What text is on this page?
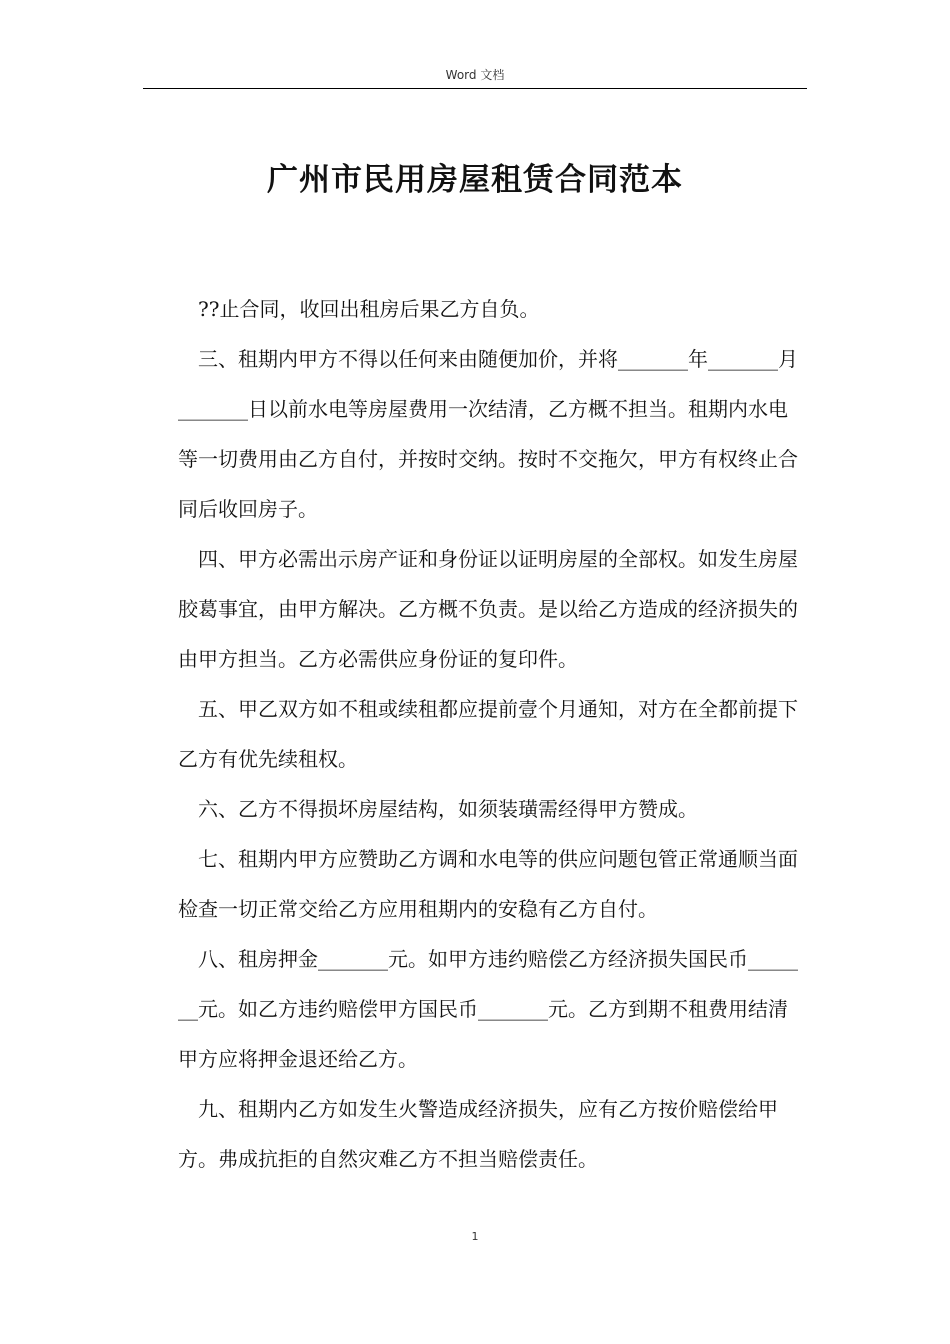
Word 文档
广州市民用房屋租赁合同范本

??止合同，收回出租房后果乙方自负。

三、租期内甲方不得以任何来由随便加价，并将_______年_______月_______日以前水电等房屋费用一次结清，乙方概不担当。租期内水电等一切费用由乙方自付，并按时交纳。按时不交拖欠，甲方有权终止合同后收回房子。

四、甲方必需出示房产证和身份证以证明房屋的全部权。如发生房屋胶葛事宜，由甲方解决。乙方概不负责。是以给乙方造成的经济损失的由甲方担当。乙方必需供应身份证的复印件。

五、甲乙双方如不租或续租都应提前壹个月通知，对方在全都前提下乙方有优先续租权。

六、乙方不得损坏房屋结构，如须装璜需经得甲方赞成。

七、租期内甲方应赞助乙方调和水电等的供应问题包管正常通顺当面检查一切正常交给乙方应用租期内的安稳有乙方自付。

八、租房押金_______元。如甲方违约赔偿乙方经济损失国民币_______元。如乙方违约赔偿甲方国民币_______元。乙方到期不租费用结清甲方应将押金退还给乙方。

九、租期内乙方如发生火警造成经济损失，应有乙方按价赔偿给甲方。弗成抗拒的自然灾难乙方不担当赔偿责任。

1
